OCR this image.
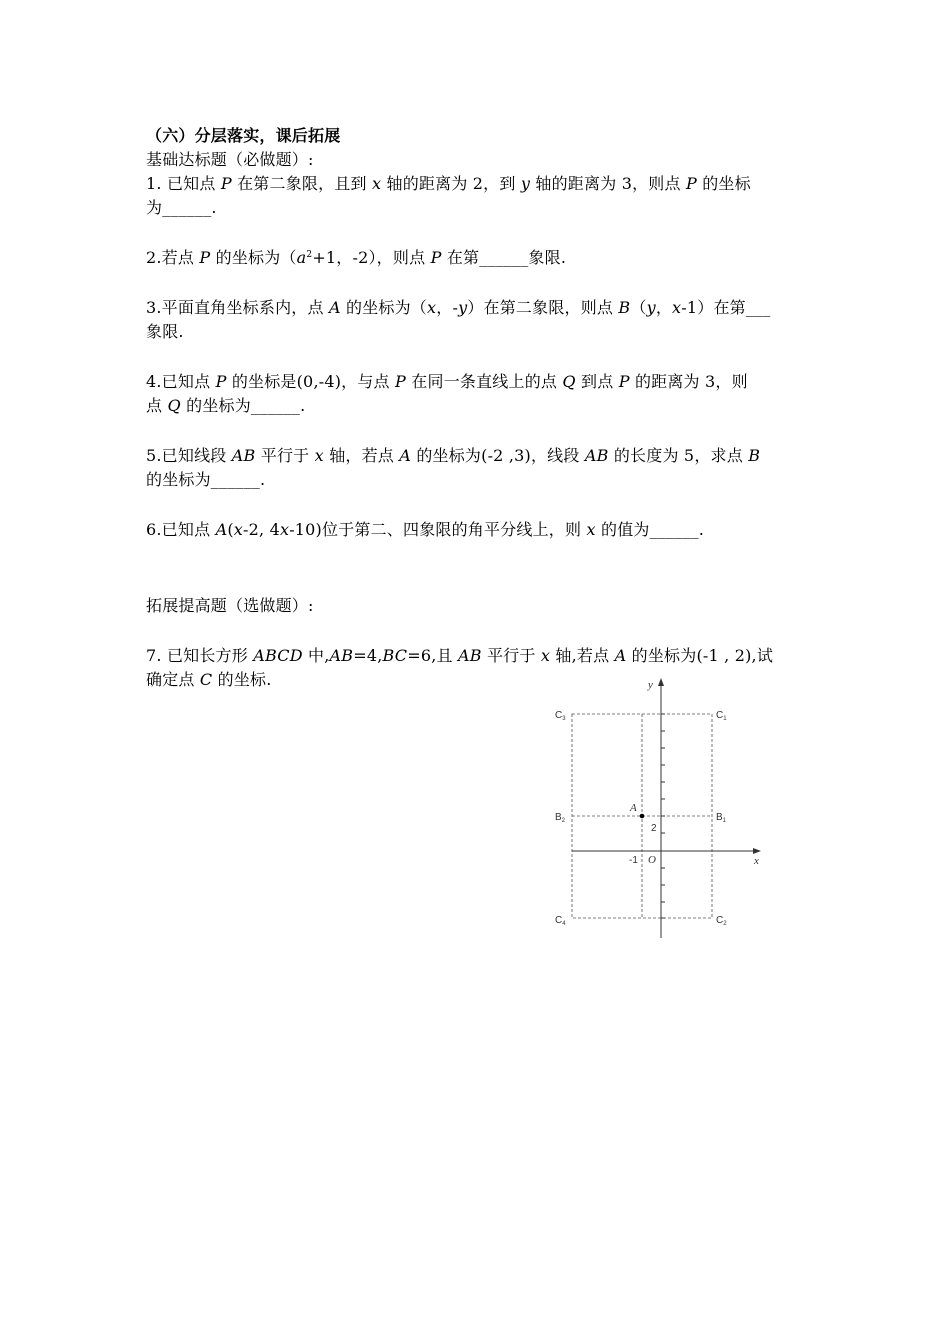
（六）分层落实，课后拓展
基础达标题（必做题）:
1. 已知点 P 在第二象限，且到 x 轴的距离为 2，到 y 轴的距离为 3，则点 P 的坐标
为______.
2.若点 P 的坐标为（$a^2+1$，-2），则点 P 在第______象限.
3.平面直角坐标系内，点 A 的坐标为（x，-y）在第二象限，则点 B（y，x-1）在第___
象限.
4.已知点 P 的坐标是(0,-4)，与点 P 在同一条直线上的点 Q 到点 P 的距离为 3，则
点 Q 的坐标为______.
5.已知线段 AB 平行于 x 轴，若点 A 的坐标为(-2 ,3)，线段 AB 的长度为 5，求点 B
的坐标为______.
6.已知点 A(x-2, 4x-10)位于第二、四象限的角平分线上，则 x 的值为______.
拓展提高题（选做题）:
7. 已知长方形 ABCD 中,AB=4,BC=6,且 AB 平行于 x 轴,若点 A 的坐标为(-1 , 2),试
确定点 C 的坐标.	y
x
O
-1
2
A
$C_3$	$C_1$
$B_2$	$B_1$
$C_4$	$C_2$
